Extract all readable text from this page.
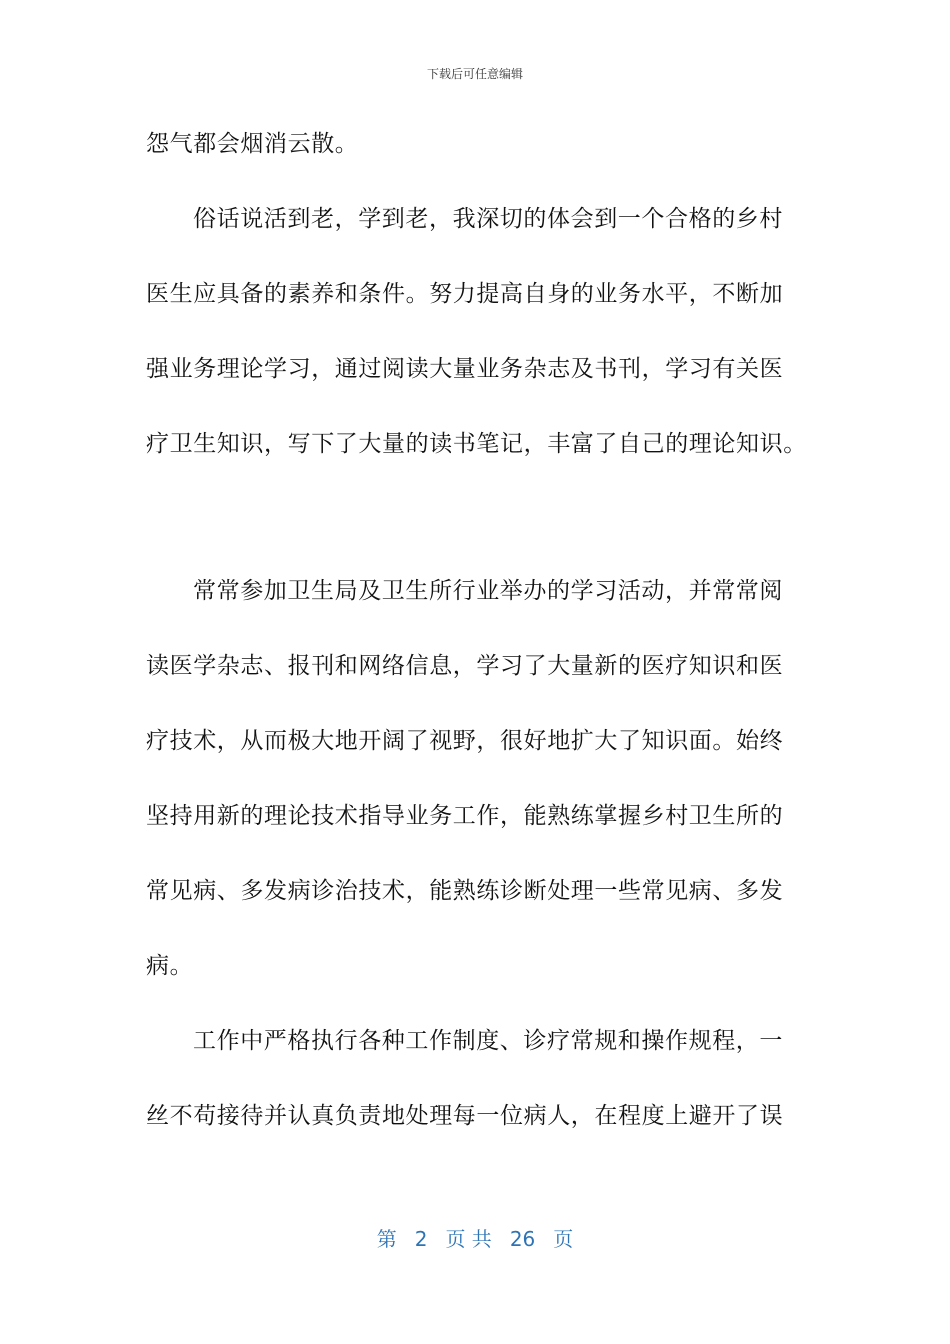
下载后可任意编辑
怨气都会烟消云散。
俗话说活到老，学到老，我深切的体会到一个合格的乡村
医生应具备的素养和条件。努力提高自身的业务水平，不断加
强业务理论学习，通过阅读大量业务杂志及书刊，学习有关医
疗卫生知识，写下了大量的读书笔记，丰富了自己的理论知识。
常常参加卫生局及卫生所行业举办的学习活动，并常常阅
读医学杂志、报刊和网络信息，学习了大量新的医疗知识和医
疗技术，从而极大地开阔了视野，很好地扩大了知识面。始终
坚持用新的理论技术指导业务工作，能熟练掌握乡村卫生所的
常见病、多发病诊治技术，能熟练诊断处理一些常见病、多发
病。
工作中严格执行各种工作制度、诊疗常规和操作规程，一
丝不苟接待并认真负责地处理每一位病人，在程度上避开了误
第 2 页 共 26 页
